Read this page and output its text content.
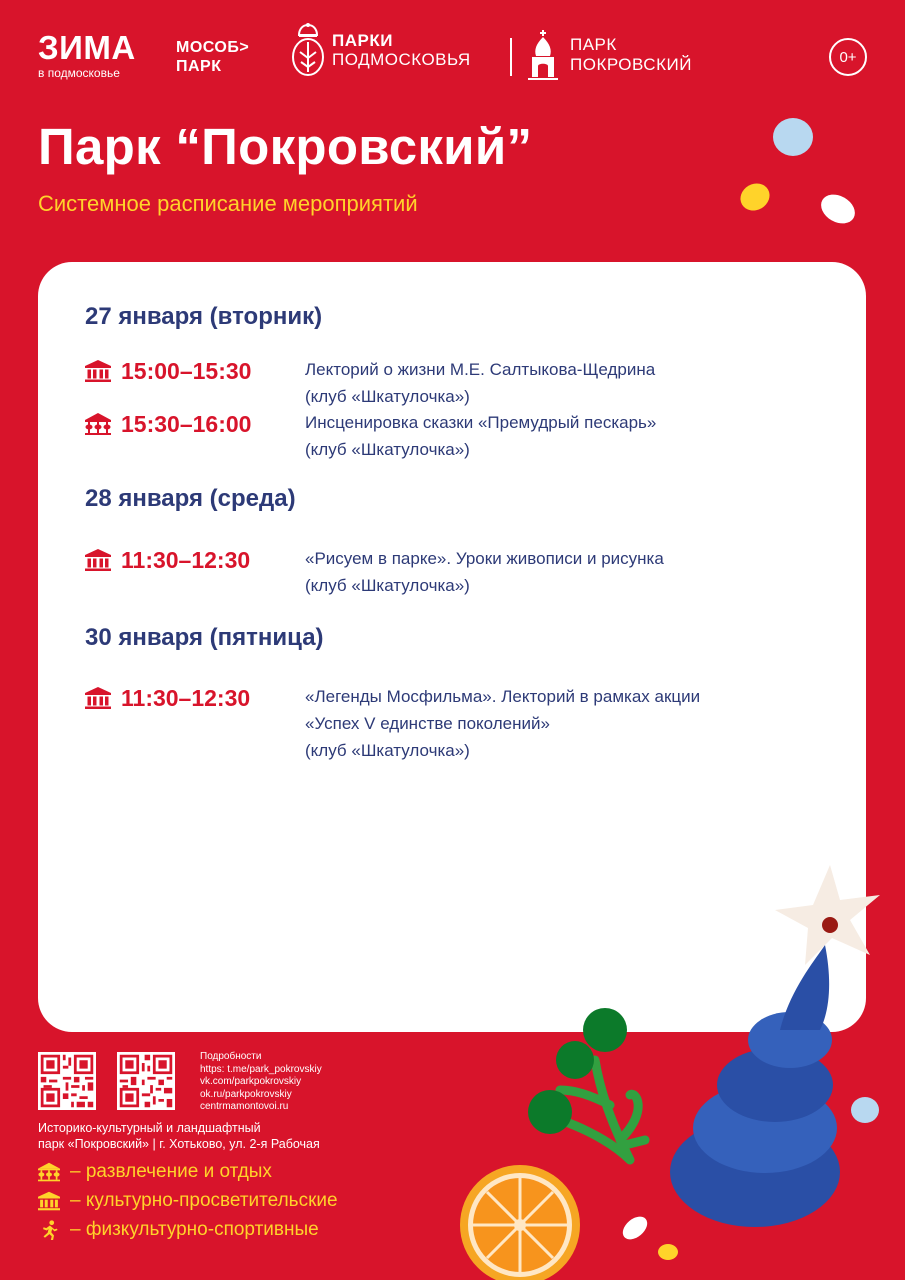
ЗИМА
в подмосковье
МОСОБ>
ПАРК
ПАРКИ
ПОДМОСКОВЬЯ
ПАРК
ПОКРОВСКИЙ	0+
Парк “Покровский”
Системное расписание мероприятий
27 января (вторник)
15:00–15:30	Лекторий о жизни М.Е. Салтыкова-Щедрина
(клуб «Шкатулочка»)
15:30–16:00	Инсценировка сказки «Премудрый пескарь»
(клуб «Шкатулочка»)
28 января (среда)
11:30–12:30	«Рисуем в парке». Уроки живописи и рисунка
(клуб «Шкатулочка»)
30 января (пятница)
11:30–12:30	«Легенды Мосфильма». Лекторий в рамках акции
«Успех V единстве поколений»
(клуб «Шкатулочка»)
Подробности
https: t.me/park_pokrovskiy
vk.com/parkpokrovskiy
ok.ru/parkpokrovskiy
centrmamontovoi.ru
Историко-культурный и ландшафтный
парк «Покровский» | г. Хотьково, ул. 2-я Рабочая
– развлечение и отдых
– культурно-просветительские
– физкультурно-спортивные
